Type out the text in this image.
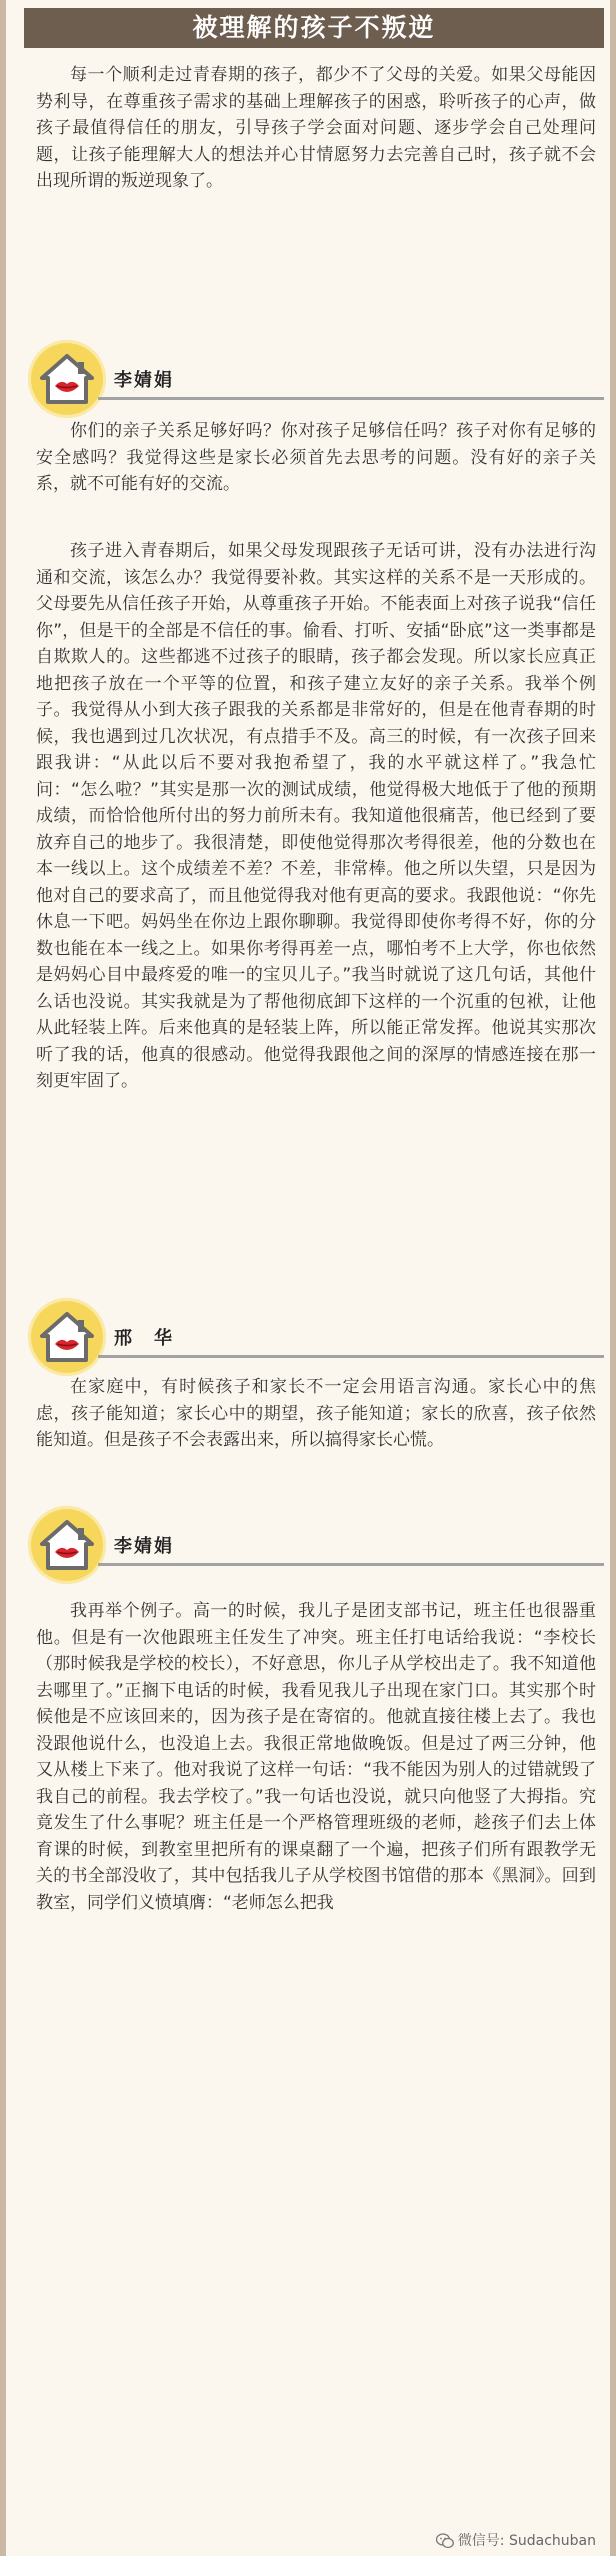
被理解的孩子不叛逆

每一个顺利走过青春期的孩子，都少不了父母的关爱。如果父母能因势利导，在尊重孩子需求的基础上理解孩子的困惑，聆听孩子的心声，做孩子最值得信任的朋友，引导孩子学会面对问题、逐步学会自己处理问题，让孩子能理解大人的想法并心甘情愿努力去完善自己时，孩子就不会出现所谓的叛逆现象了。

李婧娟

你们的亲子关系足够好吗？你对孩子足够信任吗？孩子对你有足够的安全感吗？我觉得这些是家长必须首先去思考的问题。没有好的亲子关系，就不可能有好的交流。

孩子进入青春期后，如果父母发现跟孩子无话可讲，没有办法进行沟通和交流，该怎么办？我觉得要补救。其实这样的关系不是一天形成的。父母要先从信任孩子开始，从尊重孩子开始。不能表面上对孩子说我“信任你”，但是干的全部是不信任的事。偷看、打听、安插“卧底”这一类事都是自欺欺人的。这些都逃不过孩子的眼睛，孩子都会发现。所以家长应真正地把孩子放在一个平等的位置，和孩子建立友好的亲子关系。我举个例子。我觉得从小到大孩子跟我的关系都是非常好的，但是在他青春期的时候，我也遇到过几次状况，有点措手不及。高三的时候，有一次孩子回来跟我讲：“从此以后不要对我抱希望了，我的水平就这样了。”我急忙问：“怎么啦？”其实是那一次的测试成绩，他觉得极大地低于了他的预期成绩，而恰恰他所付出的努力前所未有。我知道他很痛苦，他已经到了要放弃自己的地步了。我很清楚，即使他觉得那次考得很差，他的分数也在本一线以上。这个成绩差不差？不差，非常棒。他之所以失望，只是因为他对自己的要求高了，而且他觉得我对他有更高的要求。我跟他说：“你先休息一下吧。妈妈坐在你边上跟你聊聊。我觉得即使你考得不好，你的分数也能在本一线之上。如果你考得再差一点，哪怕考不上大学，你也依然是妈妈心目中最疼爱的唯一的宝贝儿子。”我当时就说了这几句话，其他什么话也没说。其实我就是为了帮他彻底卸下这样的一个沉重的包袱，让他从此轻装上阵。后来他真的是轻装上阵，所以能正常发挥。他说其实那次听了我的话，他真的很感动。他觉得我跟他之间的深厚的情感连接在那一刻更牢固了。

邢　华

在家庭中，有时候孩子和家长不一定会用语言沟通。家长心中的焦虑，孩子能知道；家长心中的期望，孩子能知道；家长的欣喜，孩子依然能知道。但是孩子不会表露出来，所以搞得家长心慌。

李婧娟

我再举个例子。高一的时候，我儿子是团支部书记，班主任也很器重他。但是有一次他跟班主任发生了冲突。班主任打电话给我说：“李校长（那时候我是学校的校长），不好意思，你儿子从学校出走了。我不知道他去哪里了。”正搁下电话的时候，我看见我儿子出现在家门口。其实那个时候他是不应该回来的，因为孩子是在寄宿的。他就直接往楼上去了。我也没跟他说什么，也没追上去。我很正常地做晚饭。但是过了两三分钟，他又从楼上下来了。他对我说了这样一句话：“我不能因为别人的过错就毁了我自己的前程。我去学校了。”我一句话也没说，就只向他竖了大拇指。究竟发生了什么事呢？班主任是一个严格管理班级的老师，趁孩子们去上体育课的时候，到教室里把所有的课桌翻了一个遍，把孩子们所有跟教学无关的书全部没收了，其中包括我儿子从学校图书馆借的那本《黑洞》。回到教室，同学们义愤填膺：“老师怎么把我

微信号: Sudachuban
